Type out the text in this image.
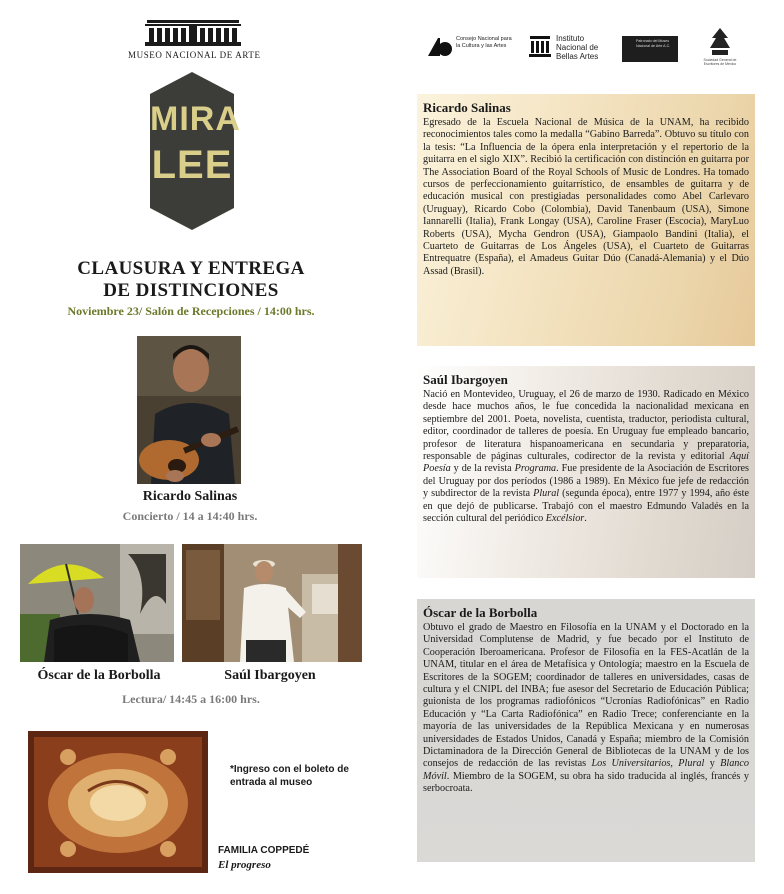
MUSEO NACIONAL DE ARTE
MIRA
LEE
CLAUSURA Y ENTREGA
DE DISTINCIONES
Noviembre 23/ Salón de Recepciones / 14:00 hrs.
Ricardo Salinas
Concierto / 14 a 14:40 hrs.
Óscar de la Borbolla	Saúl Ibargoyen
Lectura/ 14:45 a 16:00 hrs.
*Ingreso con el boleto de entrada al museo
FAMILIA COPPEDÉ
El progreso
Consejo Nacional para la Cultura y las Artes
Instituto Nacional de Bellas Artes
Patronato del Museo Nacional de Arte A.C.
Sociedad General de Escritores de México
Ricardo Salinas
Egresado de la Escuela Nacional de Música de la UNAM, ha recibido reconocimientos tales como la medalla “Gabino Barreda”. Obtuvo su título con la tesis: “La Influencia de la ópera enla interpretación y el repertorio de la guitarra en el siglo XIX”. Recibió la certificación con distinción en guitarra por The Association Board of the Royal Schools of Music de Londres. Ha tomado cursos de perfeccionamiento guitarrístico, de ensambles de guitarra y de educación musical con prestigiadas personalidades como Abel Carlevaro (Uruguay), Ricardo Cobo (Colombia), David Tanenbaum (USA), Simone Iannarelli (Italia), Frank Longay (USA), Caroline Fraser (Escocia), MaryLuo Roberts (USA), Mycha Gendron (USA), Giampaolo Bandini (Italia), el Cuarteto de Guitarras de Los Ángeles (USA), el Cuarteto de Guitarras Entrequatre (España), el Amadeus Guitar Dúo (Canadá-Alemania) y el Dúo Assad (Brasil).
Saúl Ibargoyen
Nació en Montevideo, Uruguay, el 26 de marzo de 1930. Radicado en México desde hace muchos años, le fue concedida la nacionalidad mexicana en septiembre del 2001. Poeta, novelista, cuentista, traductor, periodista cultural, editor, coordinador de talleres de poesía. En Uruguay fue empleado bancario, profesor de literatura hispanoamericana en secundaria y preparatoria, responsable de páginas culturales, codirector de la revista y editorial Aquí Poesía y de la revista Programa. Fue presidente de la Asociación de Escritores del Uruguay por dos períodos (1986 a 1989). En México fue jefe de redacción y subdirector de la revista Plural (segunda época), entre 1977 y 1994, año éste en que dejó de publicarse. Trabajó con el maestro Edmundo Valadés en la sección cultural del periódico Excélsior.
Óscar de la Borbolla
Obtuvo el grado de Maestro en Filosofía en la UNAM y el Doctorado en la Universidad Complutense de Madrid, y fue becado por el Instituto de Cooperación Iberoamericana. Profesor de Filosofía en la FES-Acatlán de la UNAM, titular en el área de Metafísica y Ontología; maestro en la Escuela de Escritores de la SOGEM; coordinador de talleres en universidades, casas de cultura y el CNIPL del INBA; fue asesor del Secretario de Educación Pública; guionista de los programas radiofónicos “Ucronías Radiofónicas” en Radio Educación y “La Carta Radiofónica” en Radio Trece; conferenciante en la mayoría de las universidades de la República Mexicana y en numerosas universidades de Estados Unidos, Canadá y España; miembro de la Comisión Dictaminadora de la Dirección General de Bibliotecas de la UNAM y de los consejos de redacción de las revistas Los Universitarios, Plural y Blanco Móvil. Miembro de la SOGEM, su obra ha sido traducida al inglés, francés y serbocroata.
